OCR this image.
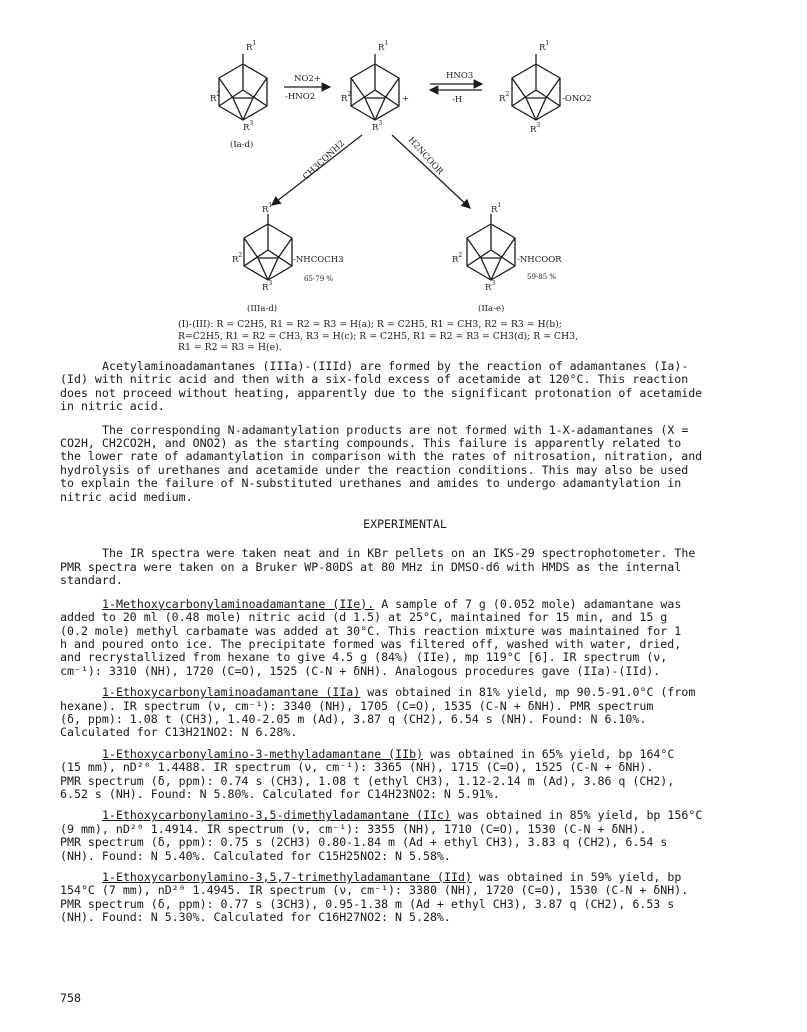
$R^1$
$R^2$
$R^3$
(Ia-d)
NO2+
-HNO2
$R^1$
$R^2$
$R^3$
+
HNO3
-H
$R^1$
$R^2$
$R^3$
-ONO2
CH3CONH2	H2NCOOR
$R^1$
$R^2$
$R^3$
-NHCOCH3
65-79 %
(IIIa-d)
$R^1$
$R^2$
$R^3$
-NHCOOR
59-85 %
(IIa-e)
(I)-(III): R = C2H5, R1 = R2 = R3 = H(a); R = C2H5, R1 = CH3, R2 = R3 = H(b);
R=C2H5, R1 = R2 = CH3, R3 = H(c); R = C2H5, R1 = R2 = R3 = CH3(d); R = CH3,
R1 = R2 = R3 = H(e).

Acetylaminoadamantanes (IIIa)-(IIId) are formed by the reaction of adamantanes (Ia)-
(Id) with nitric acid and then with a six-fold excess of acetamide at 120°C. This reaction
does not proceed without heating, apparently due to the significant protonation of acetamide
in nitric acid.

The corresponding N-adamantylation products are not formed with 1-X-adamantanes (X =
CO2H, CH2CO2H, and ONO2) as the starting compounds. This failure is apparently related to
the lower rate of adamantylation in comparison with the rates of nitrosation, nitration, and
hydrolysis of urethanes and acetamide under the reaction conditions. This may also be used
to explain the failure of N-substituted urethanes and amides to undergo adamantylation in
nitric acid medium.

EXPERIMENTAL

The IR spectra were taken neat and in KBr pellets on an IKS-29 spectrophotometer. The
PMR spectra were taken on a Bruker WP-80DS at 80 MHz in DMSO-d6 with HMDS as the internal
standard.

1-Methoxycarbonylaminoadamantane (IIe). A sample of 7 g (0.052 mole) adamantane was
added to 20 ml (0.48 mole) nitric acid (d 1.5) at 25°C, maintained for 15 min, and 15 g
(0.2 mole) methyl carbamate was added at 30°C. This reaction mixture was maintained for 1
h and poured onto ice. The precipitate formed was filtered off, washed with water, dried,
and recrystallized from hexane to give 4.5 g (84%) (IIe), mp 119°C [6]. IR spectrum (ν,
cm⁻¹): 3310 (NH), 1720 (C=O), 1525 (C-N + δNH). Analogous procedures gave (IIa)-(IId).

1-Ethoxycarbonylaminoadamantane (IIa) was obtained in 81% yield, mp 90.5-91.0°C (from
hexane). IR spectrum (ν, cm⁻¹): 3340 (NH), 1705 (C=O), 1535 (C-N + δNH). PMR spectrum
(δ, ppm): 1.08 t (CH3), 1.40-2.05 m (Ad), 3.87 q (CH2), 6.54 s (NH). Found: N 6.10%.
Calculated for C13H21NO2: N 6.28%.

1-Ethoxycarbonylamino-3-methyladamantane (IIb) was obtained in 65% yield, bp 164°C
(15 mm), nD²⁰ 1.4488. IR spectrum (ν, cm⁻¹): 3365 (NH), 1715 (C=O), 1525 (C-N + δNH).
PMR spectrum (δ, ppm): 0.74 s (CH3), 1.08 t (ethyl CH3), 1.12-2.14 m (Ad), 3.86 q (CH2),
6.52 s (NH). Found: N 5.80%. Calculated for C14H23NO2: N 5.91%.

1-Ethoxycarbonylamino-3,5-dimethyladamantane (IIc) was obtained in 85% yield, bp 156°C
(9 mm), nD²⁰ 1.4914. IR spectrum (ν, cm⁻¹): 3355 (NH), 1710 (C=O), 1530 (C-N + δNH).
PMR spectrum (δ, ppm): 0.75 s (2CH3) 0.80-1.84 m (Ad + ethyl CH3), 3.83 q (CH2), 6.54 s
(NH). Found: N 5.40%. Calculated for C15H25NO2: N 5.58%.

1-Ethoxycarbonylamino-3,5,7-trimethyladamantane (IId) was obtained in 59% yield, bp
154°C (7 mm), nD²⁰ 1.4945. IR spectrum (ν, cm⁻¹): 3380 (NH), 1720 (C=O), 1530 (C-N + δNH).
PMR spectrum (δ, ppm): 0.77 s (3CH3), 0.95-1.38 m (Ad + ethyl CH3), 3.87 q (CH2), 6.53 s
(NH). Found: N 5.30%. Calculated for C16H27NO2: N 5.28%.

758
